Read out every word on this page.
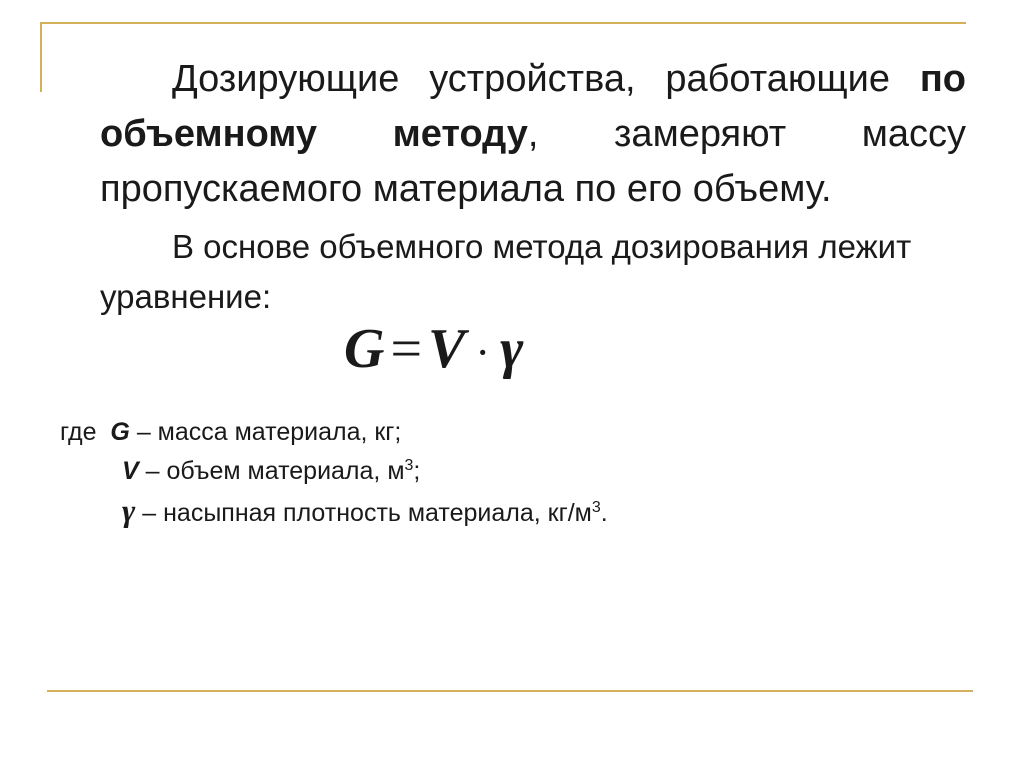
Дозирующие устройства, работающие по объемному методу, замеряют массу пропускаемого материала по его объему.
В основе объемного метода дозирования лежит уравнение:
G = V · γ
где G – масса материала, кг;
V – объем материала, $м^3$;
γ – насыпная плотность материала, $кг/м^3$.
